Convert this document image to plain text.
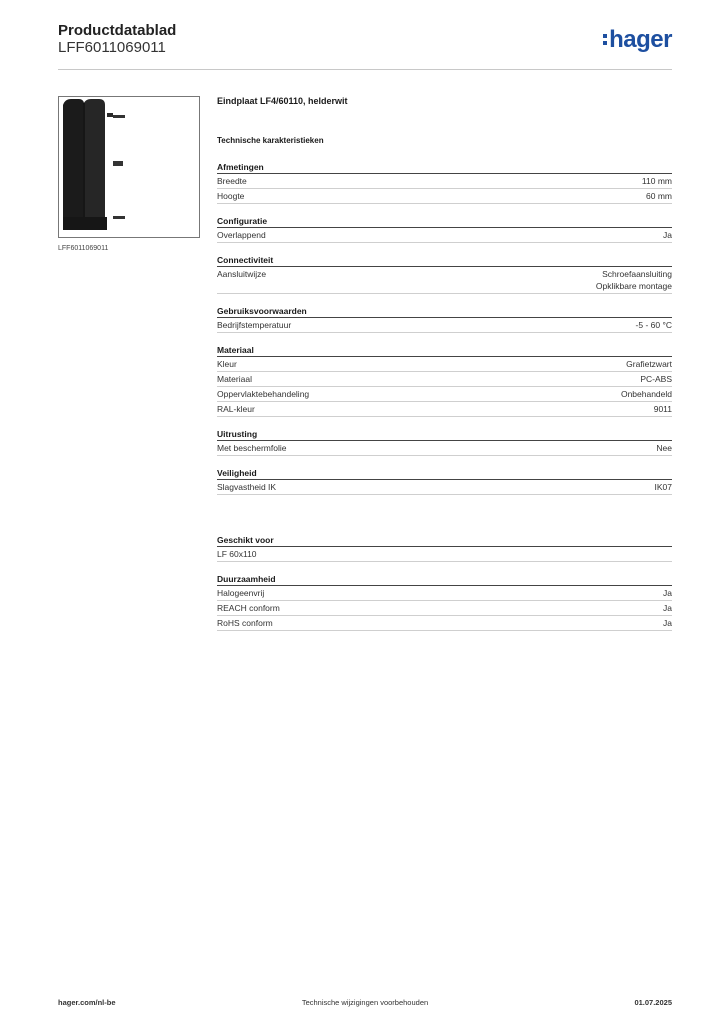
Productdatablad
LFF6011069011	hager
LFF6011069011
Eindplaat LF4/60110, helderwit
Technische karakteristieken
Afmetingen
Breedte	110 mm
Hoogte	60 mm
Configuratie
Overlappend	Ja
Connectiviteit
Aansluitwijze	Schroefaansluiting
Opklikbare montage
Gebruiksvoorwaarden
Bedrijfstemperatuur	-5 - 60 °C
Materiaal
Kleur	Grafietzwart
Materiaal	PC-ABS
Oppervlaktebehandeling	Onbehandeld
RAL-kleur	9011
Uitrusting
Met beschermfolie	Nee
Veiligheid
Slagvastheid IK	IK07
Geschikt voor
LF 60x110
Duurzaamheid
Halogeenvrij	Ja
REACH conform	Ja
RoHS conform	Ja
hager.com/nl-be	Technische wijzigingen voorbehouden	01.07.2025
